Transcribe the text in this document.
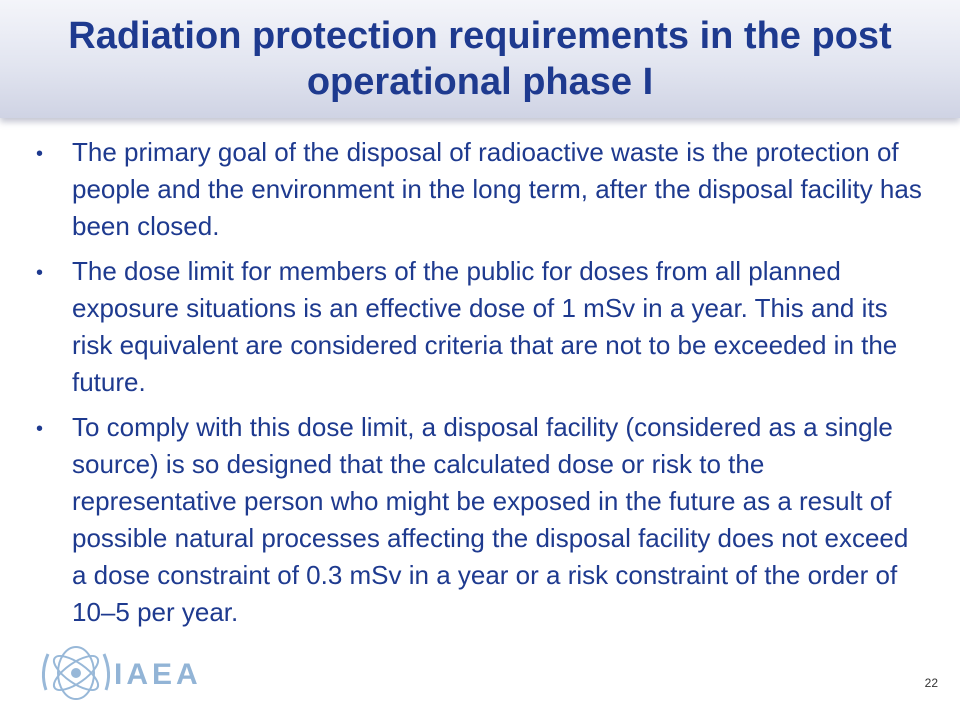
Radiation protection requirements in the post operational phase I
• The primary goal of the disposal of radioactive waste is the protection of people and the environment in the long term, after the disposal facility has been closed.
• The dose limit for members of the public for doses from all planned exposure situations is an effective dose of 1 mSv in a year. This and its risk equivalent are considered criteria that are not to be exceeded in the future.
• To comply with this dose limit, a disposal facility (considered as a single source) is so designed that the calculated dose or risk to the representative person who might be exposed in the future as a result of possible natural processes affecting the disposal facility does not exceed a dose constraint of 0.3 mSv in a year or a risk constraint of the order of 10–5 per year.
IAEA	22
